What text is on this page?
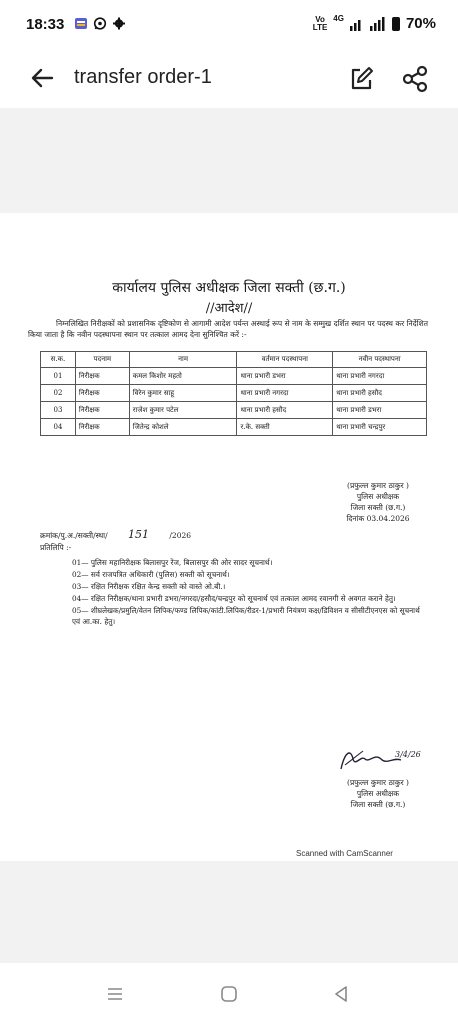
18:33	Vo
LTE
4G	70%
transfer order-1
कार्यालय पुलिस अधीक्षक जिला सक्ती (छ.ग.)
//आदेश//
निम्नलिखित निरीक्षकों को प्रशासनिक दृष्टिकोण से आगामी आदेश पर्यन्त अस्थाई रूप से नाम के सम्मुख दर्शित स्थान पर पदस्थ कर निर्देशित किया जाता है कि नवीन पदस्थापना स्थान पर तत्काल आमद देना सुनिश्चित करें :-
स.क.	पदनाम	नाम	वर्तमान पदस्थापना	नवीन पदस्थापना
01	निरीक्षक	कमल किशोर महतो	थाना प्रभारी डभरा	थाना प्रभारी नगरदा
02	निरीक्षक	विरेन कुमार साहू	थाना प्रभारी नगरदा	थाना प्रभारी हसौद
03	निरीक्षक	राजेश कुमार पटेल	थाना प्रभारी हसौद	थाना प्रभारी डभरा
04	निरीक्षक	जितेन्द्र कोशले	र.के. सक्ती	थाना प्रभारी चन्द्रपुर
(प्रफुल्ल कुमार ठाकुर )
पुलिस अधीक्षक
जिला सक्ती (छ.ग.)
दिनांक 03.04.2026
क्रमांक/पु.अ./सक्ती/स्था/ 151	/2026
प्रतिलिपि :-
01— पुलिस महानिरीक्षक बिलासपुर रेंज, बिलासपुर की ओर सादर सूचनार्थ।
02— सर्व राजपत्रित अधिकारी (पुलिस) सक्ती को सूचनार्थ।
03— रक्षित निरीक्षक रक्षित केन्द्र सक्ती को वास्ते ओ.बी.।
04— रक्षित निरीक्षक/थाना प्रभारी डभरा/नगरदा/हसौद/चन्द्रपुर को सूचनार्थ एवं तत्काल आमद रवानगी से अवगत कराने हेतु।
05— शीघ्रलेखक/प्रमुलि/वेतन लिपिक/फण्ड लिपिक/कांटी.लिपिक/रीडर-1/प्रभारी नियंत्रण कक्ष/डिविशन व सीसीटीएनएस को सूचनार्थ एवं आ.का. हेतु।
3/4/26
(प्रफुल्ल कुमार ठाकुर )
पुलिस अधीक्षक
जिला सक्ती (छ.ग.)
Scanned with CamScanner
